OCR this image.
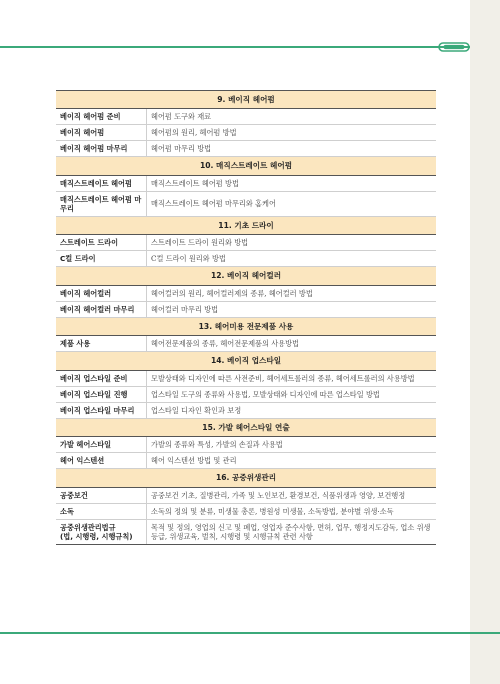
9. 베이직 헤어펌	
베이직 헤어펌 준비	헤어펌 도구와 재료
베이직 헤어펌	헤어펌의 원리, 헤어펌 방법
베이직 헤어펌 마무리	헤어펌 마무리 방법
10. 매직스트레이트 헤어펌	
매직스트레이트 헤어펌	매직스트레이트 헤어펌 방법
매직스트레이트 헤어펌 마무리	매직스트레이트 헤어펌 마무리와 홈케어
11. 기초 드라이	
스트레이트 드라이	스트레이트 드라이 원리와 방법
C컬 드라이	C컬 드라이 원리와 방법
12. 베이직 헤어컬러	
베이직 헤어컬러	헤어컬러의 원리, 헤어컬러제의 종류, 헤어컬러 방법
베이직 헤어컬러 마무리	헤어컬러 마무리 방법
13. 헤어미용 전문제품 사용	
제품 사용	헤어전문제품의 종류, 헤어전문제품의 사용방법
14. 베이직 업스타일	
베이직 업스타일 준비	모발상태와 디자인에 따른 사전준비, 헤어세트롤러의 종류, 헤어세트롤러의 사용방법
베이직 업스타일 진행	업스타일 도구의 종류와 사용법, 모발상태와 디자인에 따른 업스타일 방법
베이직 업스타일 마무리	업스타일 디자인 확인과 보정
15. 가발 헤어스타일 연출	
가발 헤어스타일	가발의 종류와 특성, 가발의 손질과 사용법
헤어 익스텐션	헤어 익스텐션 방법 및 관리
16. 공중위생관리	
공중보건	공중보건 기초, 질병관리, 가족 및 노인보건, 환경보건, 식품위생과 영양, 보건행정
소독	소독의 정의 및 분류, 미생물 총론, 병원성 미생물, 소독방법, 분야별 위생·소독
공중위생관리법규
(법, 시행령, 시행규칙)	목적 및 정의, 영업의 신고 및 폐업, 영업자 준수사항, 면허, 업무, 행정지도감독, 업소 위생등급, 위생교육, 벌칙, 시행령 및 시행규칙 관련 사항
